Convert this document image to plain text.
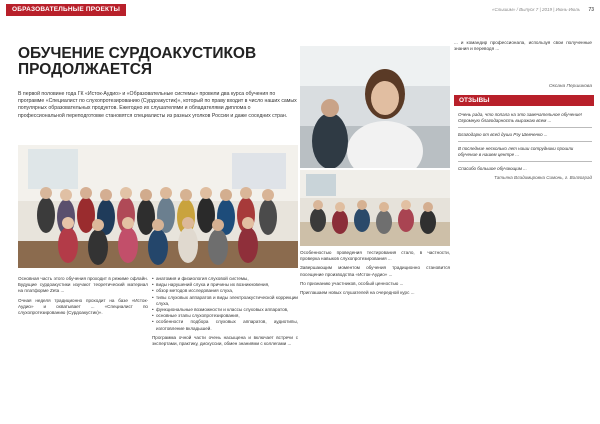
ОБРАЗОВАТЕЛЬНЫЕ ПРОЕКТЫ	«Слышим» / Выпуск 7 | 2019 | Июнь-Июль 73
ОБУЧЕНИЕ СУРДОАКУСТИКОВ ПРОДОЛЖАЕТСЯ
В первой половине года ГК «Исток-Аудио» и «Образовательные системы» провели два курса обучения по программе «Специалист по слухопротезированию (Сурдоакустик)», который по праву входит в число наших самых популярных образовательных продуктов. Ежегодно их слушателями и обладателями диплома о профессиональной переподготовке становятся специалисты из разных уголков России и даже соседних стран.

Основная часть этого обучения проходит в режиме офлайн. Будущие сурдоакустики изучают теоретический материал на платформе Zeta ...

Очная неделя традиционно проходит на базе «Исток-Аудио» и охватывает ... «Специалист по слухопротезированию (Сурдоакустик)».

• анатомия и физиология слуховой системы,
• виды нарушений слуха и причины их возникновения,
• обзор методов исследования слуха,
• типы слуховых аппаратов и виды электроакустической коррекции слуха,
• функциональные возможности и классы слуховых аппаратов,
• основные этапы слухопротезирования,
• особенности подбора слуховых аппаратов, аудиотипы, изготовление вкладышей.

Программа очной части очень насыщена и включает встречи с экспертами, практику, дискуссии, обмен знаниями с коллегами ...

Особенностью проведения тестирования стало, в частности, проверка навыков слухопротезирования ...

Завершающим моментом обучения традиционно становится посещение производства «Исток-Аудио» ...

По признанию участников, особый ценностью ...

Приглашаем новых слушателей на очередной курс ...

... и командир профессионала, используя свои полученные знания и переводя ...

Оксана Першикова
ОТЗЫВЫ

Очень рада, что попала на это замечательное обучение! Огромную благодарность выражаю всем ...

Благодарю от всей души Рэу Шевченко ...

В последние несколько лет наши сотрудники прошли обучение в нашем центре ...

Спасибо большое обучающим ...

Татьяна Владимировна Симонь, г. Волгоград
